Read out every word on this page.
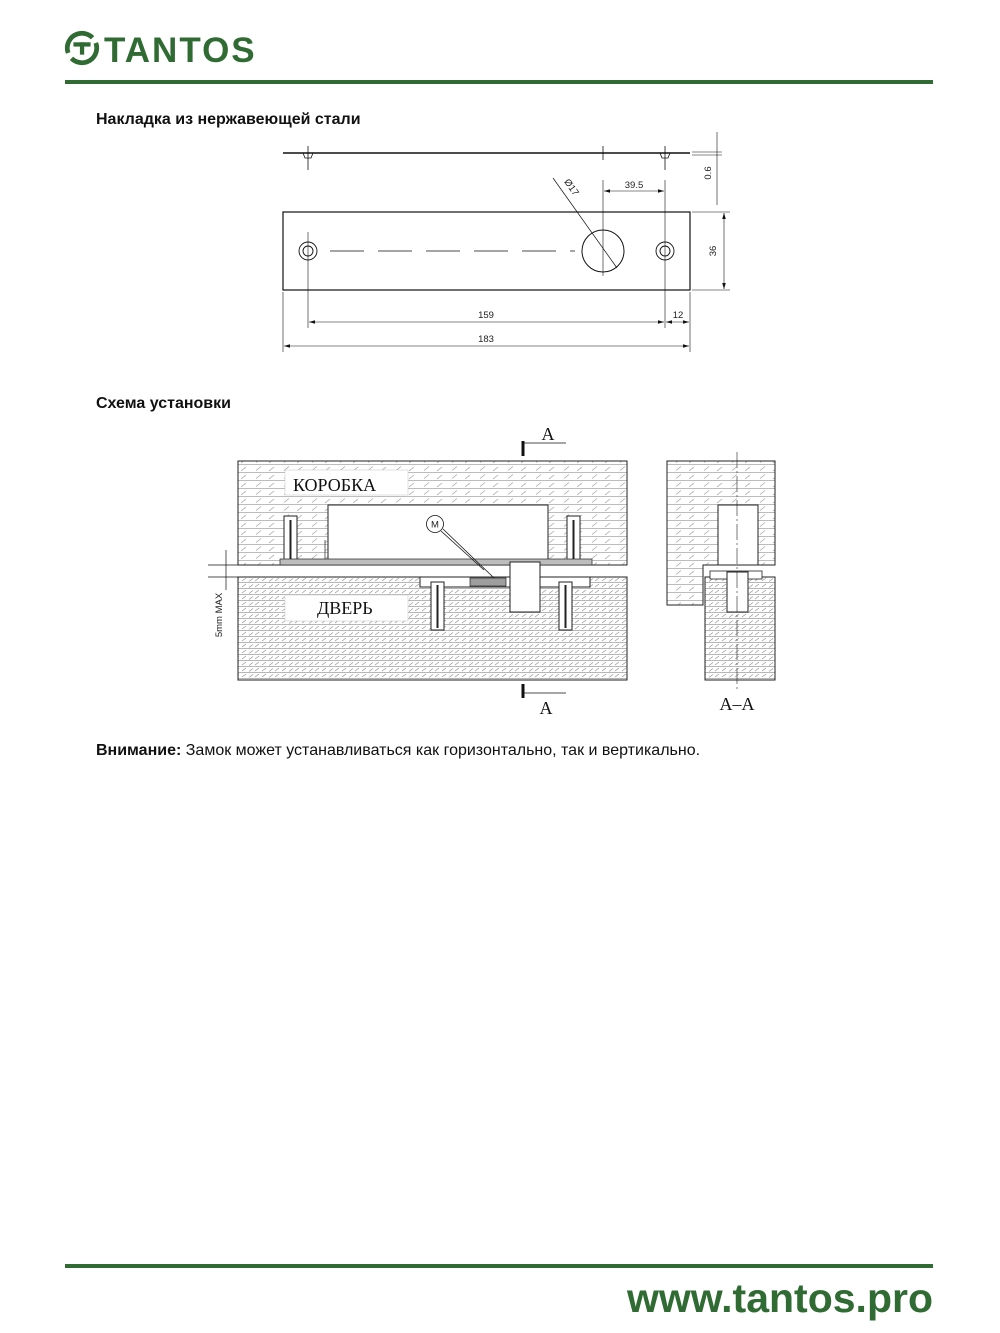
TANTOS
Накладка из нержавеющей стали
0.6
Ø17
36
39.5
159	12
183
Схема установки
A
КОРОБКА
ДВЕРЬ
M
5mm MAX
A	A–A
Внимание: Замок может устанавливаться как горизонтально, так и вертикально.
www.tantos.pro
